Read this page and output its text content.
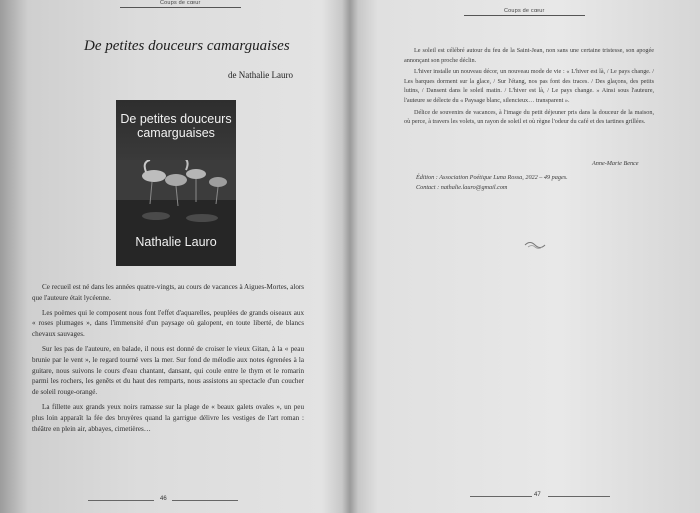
Coups de cœur
De petites douceurs camarguaises
de Nathalie Lauro
De petites douceurs camarguaises
Nathalie Lauro

Ce recueil est né dans les années quatre-vingts, au cours de vacances à Aigues-Mortes, alors que l'auteure était lycéenne.

Les poèmes qui le composent nous font l'effet d'aquarelles, peuplées de grands oiseaux aux « roses plumages », dans l'immensité d'un paysage où galopent, en toute liberté, de blancs chevaux sauvages.

Sur les pas de l'auteure, en balade, il nous est donné de croiser le vieux Gitan, à la « peau brunie par le vent », le regard tourné vers la mer. Sur fond de mélodie aux notes égrenées à la guitare, nous suivons le cours d'eau chantant, dansant, qui coule entre le thym et le romarin parmi les rochers, les genêts et du haut des remparts, nous assistons au spectacle d'un coucher de soleil rouge-orangé.

La fillette aux grands yeux noirs ramasse sur la plage de « beaux galets ovales », un peu plus loin apparaît la fée des bruyères quand la garrigue délivre les vestiges de l'art roman : théâtre en plein air, abbayes, cimetières…

46
Coups de cœur

Le soleil est célébré autour du feu de la Saint-Jean, non sans une certaine tristesse, son apogée annonçant son proche déclin.

L'hiver installe un nouveau décor, un nouveau mode de vie : « L'hiver est là, / Le pays change. / Les barques dorment sur la glace, / Sur l'étang, nos pas font des traces. / Des glaçons, des petits lutins, / Dansent dans le soleil matin. / L'hiver est là, / Le pays change. » Ainsi sous l'auteure, l'auteure se délecte du « Paysage blanc, silencieux… transparent ».

Délice de souvenirs de vacances, à l'image du petit déjeuner pris dans la douceur de la maison, où perce, à travers les volets, un rayon de soleil et où règne l'odeur du café et des tartines grillées.

Anne-Marie Bence
Édition : Association Poétique Luna Rossa, 2022 – 49 pages.
Contact : nathalie.lauro@gmail.com
47
